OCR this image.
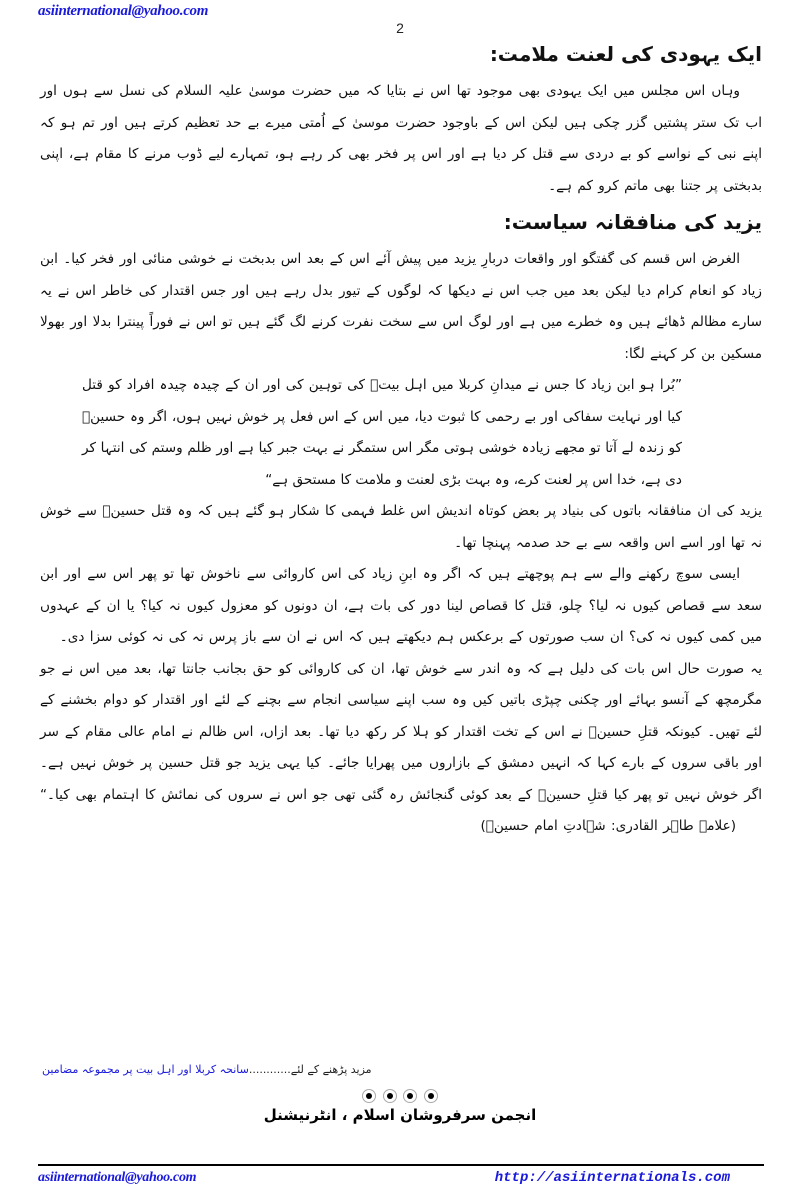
asiinternational@yahoo.com
2
ایک یہودی کی لعنت ملامت:

وہاں اس مجلس میں ایک یہودی بھی موجود تھا اس نے بتایا کہ میں حضرت موسیٰ علیہ السلام کی نسل سے ہوں اور اب تک ستر پشتیں گزر چکی ہیں لیکن اس کے باوجود حضرت موسیٰ کے اُمتی میرے بے حد تعظیم کرتے ہیں اور تم ہو کہ اپنے نبی کے نواسے کو بے دردی سے قتل کر دیا ہے اور اس پر فخر بھی کر رہے ہو، تمہارے لیے ڈوب مرنے کا مقام ہے، اپنی بدبختی پر جتنا بھی ماتم کرو کم ہے۔

یزید کی منافقانہ سیاست:

الغرض اس قسم کی گفتگو اور واقعات دربارِ یزید میں پیش آئے اس کے بعد اس بدبخت نے خوشی منائی اور فخر کیا۔ ابن زیاد کو انعام کرام دیا لیکن بعد میں جب اس نے دیکھا کہ لوگوں کے تیور بدل رہے ہیں اور جس اقتدار کی خاطر اس نے یہ سارے مظالم ڈھائے ہیں وہ خطرے میں ہے اور لوگ اس سے سخت نفرت کرنے لگ گئے ہیں تو اس نے فوراً پینترا بدلا اور بھولا مسکین بن کر کہنے لگا:

”بُرا ہو ابن زیاد کا جس نے میدانِ کربلا میں اہل بیتؓ کی توہین کی اور ان کے چیدہ چیدہ افراد کو قتل کیا اور نہایت سفاکی اور بے رحمی کا ثبوت دیا، میں اس کے اس فعل پر خوش نہیں ہوں، اگر وہ حسینؑ کو زندہ لے آتا تو مجھے زیادہ خوشی ہوتی مگر اس ستمگر نے بہت جبر کیا ہے اور ظلم وستم کی انتہا کر دی ہے، خدا اس پر لعنت کرے، وہ بہت بڑی لعنت و ملامت کا مستحق ہے“

یزید کی ان منافقانہ باتوں کی بنیاد پر بعض کوتاہ اندیش اس غلط فہمی کا شکار ہو گئے ہیں کہ وہ قتل حسینؑ سے خوش نہ تھا اور اسے اس واقعہ سے بے حد صدمہ پہنچا تھا۔

ایسی سوچ رکھنے والے سے ہم پوچھتے ہیں کہ اگر وہ ابنِ زیاد کی اس کاروائی سے ناخوش تھا تو پھر اس سے اور ابن سعد سے قصاص کیوں نہ لیا؟ چلو، قتل کا قصاص لینا دور کی بات ہے، ان دونوں کو معزول کیوں نہ کیا؟ یا ان کے عہدوں میں کمی کیوں نہ کی؟ ان سب صورتوں کے برعکس ہم دیکھتے ہیں کہ اس نے ان سے باز پرس نہ کی نہ کوئی سزا دی۔

یہ صورت حال اس بات کی دلیل ہے کہ وہ اندر سے خوش تھا، ان کی کاروائی کو حق بجانب جانتا تھا، بعد میں اس نے جو مگرمچھ کے آنسو بہائے اور چکنی چپڑی باتیں کیں وہ سب اپنے سیاسی انجام سے بچنے کے لئے اور اقتدار کو دوام بخشنے کے لئے تھیں۔ کیونکہ قتلِ حسینؑ نے اس کے تخت اقتدار کو ہلا کر رکھ دیا تھا۔ بعد ازاں، اس ظالم نے امام عالی مقام کے سر اور باقی سروں کے بارے کہا کہ انہیں دمشق کے بازاروں میں پھرایا جائے۔ کیا یہی یزید جو قتل حسین پر خوش نہیں ہے۔ اگر خوش نہیں تو پھر کیا قتلِ حسینؑ کے بعد کوئی گنجائش رہ گئی تھی جو اس نے سروں کی نمائش کا اہتمام بھی کیا۔“ (علامہ طاہر القادری: شہادتِ امام حسینؑ)

مزید پڑھنے کے لئے............سانحہ کربلا اور اہل بیت پر مجموعہ مضامین

انجمن سرفروشان اسلام ، انٹرنیشنل
asiinternational@yahoo.com	http://asiinternationals.com
